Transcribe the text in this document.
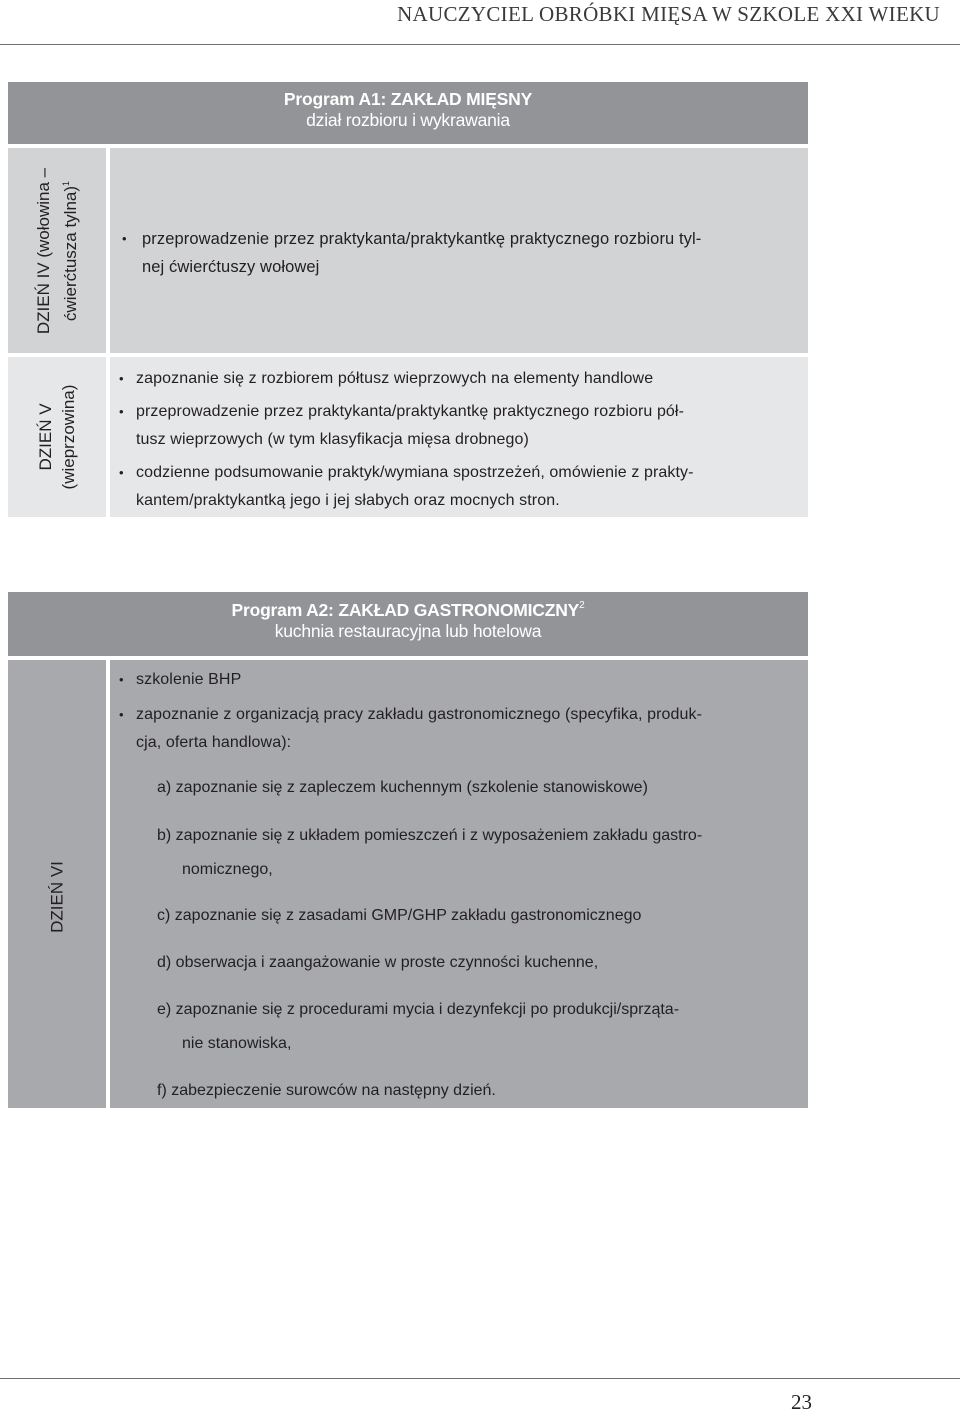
NAUCZYCIEL OBRÓBKI MIĘSA W SZKOLE XXI WIEKU
Program A1: ZAKŁAD MIĘSNY
dział rozbioru i wykrawania
DZIEŃ IV (wołowina – ćwierćtusza tylna)$^1$
• przeprowadzenie przez praktykanta/praktykantkę praktycznego rozbioru tyl-
nej ćwierćtuszy wołowej
DZIEŃ V (wieprzowina)
• zapoznanie się z rozbiorem półtusz wieprzowych na elementy handlowe
• przeprowadzenie przez praktykanta/praktykantkę praktycznego rozbioru pół-
tusz wieprzowych (w tym klasyfikacja mięsa drobnego)
• codzienne podsumowanie praktyk/wymiana spostrzeżeń, omówienie z prakty-
kantem/praktykantką jego i jej słabych oraz mocnych stron.
Program A2: ZAKŁAD GASTRONOMICZNY$^2$
kuchnia restauracyjna lub hotelowa
DZIEŃ VI
• szkolenie BHP
• zapoznanie z organizacją pracy zakładu gastronomicznego (specyfika, produk-
cja, oferta handlowa):
a) zapoznanie się z zapleczem kuchennym (szkolenie stanowiskowe)
b) zapoznanie się z układem pomieszczeń i z wyposażeniem zakładu gastro-
nomicznego,
c) zapoznanie się z zasadami GMP/GHP zakładu gastronomicznego
d) obserwacja i zaangażowanie w proste czynności kuchenne,
e) zapoznanie się z procedurami mycia i dezynfekcji po produkcji/sprząta-
nie stanowiska,
f) zabezpieczenie surowców na następny dzień.
23
